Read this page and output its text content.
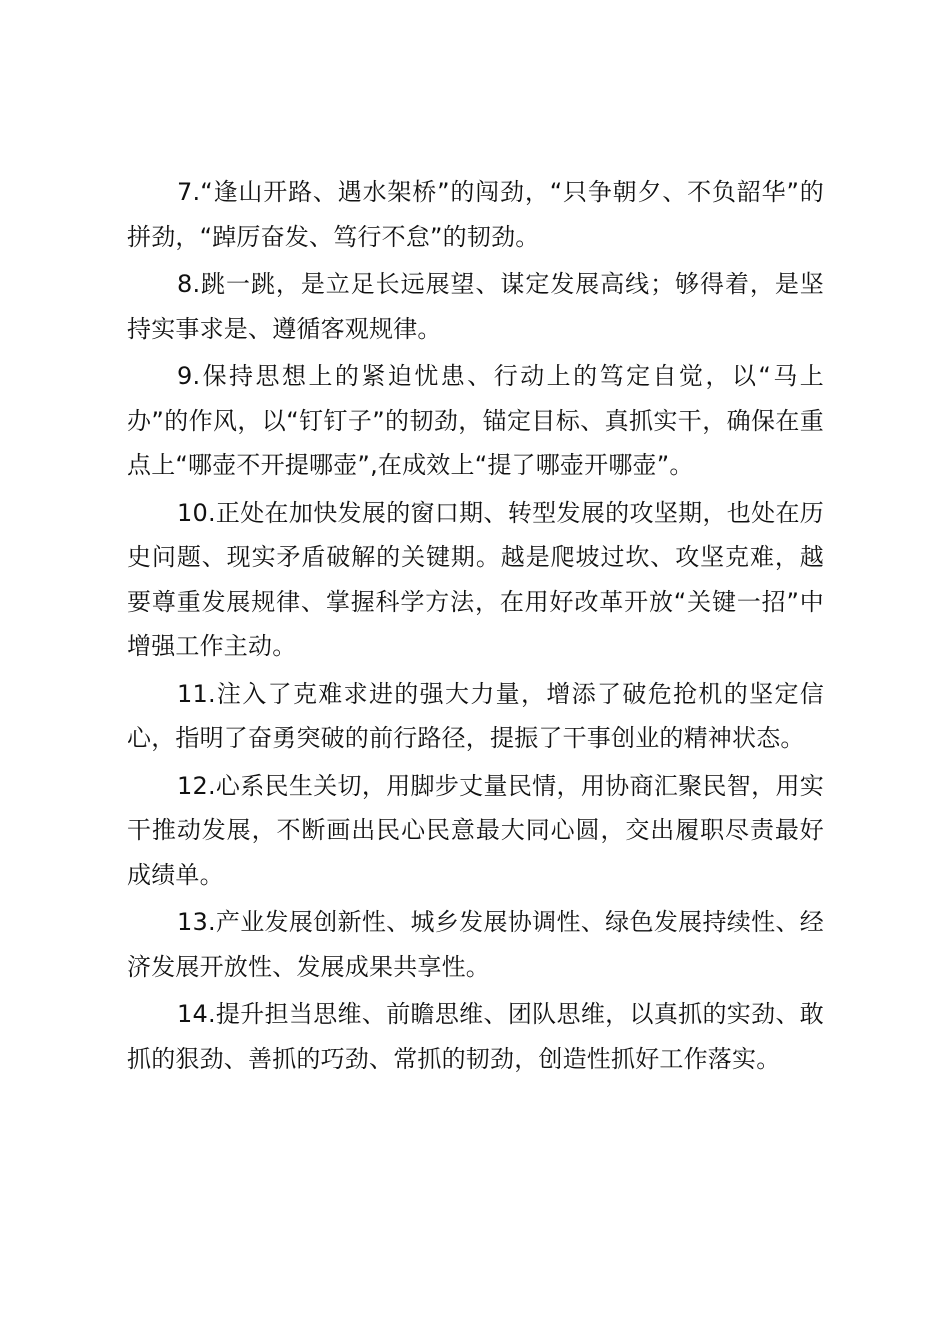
7.“逢山开路、遇水架桥”的闯劲，“只争朝夕、不负韶华”的拼劲，“踔厉奋发、笃行不怠”的韧劲。

8.跳一跳，是立足长远展望、谋定发展高线；够得着，是坚持实事求是、遵循客观规律。

9.保持思想上的紧迫忧患、行动上的笃定自觉，以“马上办”的作风，以“钉钉子”的韧劲，锚定目标、真抓实干，确保在重点上“哪壶不开提哪壶”,在成效上“提了哪壶开哪壶”。

10.正处在加快发展的窗口期、转型发展的攻坚期，也处在历史问题、现实矛盾破解的关键期。越是爬坡过坎、攻坚克难，越要尊重发展规律、掌握科学方法，在用好改革开放“关键一招”中增强工作主动。

11.注入了克难求进的强大力量，增添了破危抢机的坚定信心，指明了奋勇突破的前行路径，提振了干事创业的精神状态。

12.心系民生关切，用脚步丈量民情，用协商汇聚民智，用实干推动发展，不断画出民心民意最大同心圆，交出履职尽责最好成绩单。

13.产业发展创新性、城乡发展协调性、绿色发展持续性、经济发展开放性、发展成果共享性。

14.提升担当思维、前瞻思维、团队思维，以真抓的实劲、敢抓的狠劲、善抓的巧劲、常抓的韧劲，创造性抓好工作落实。
